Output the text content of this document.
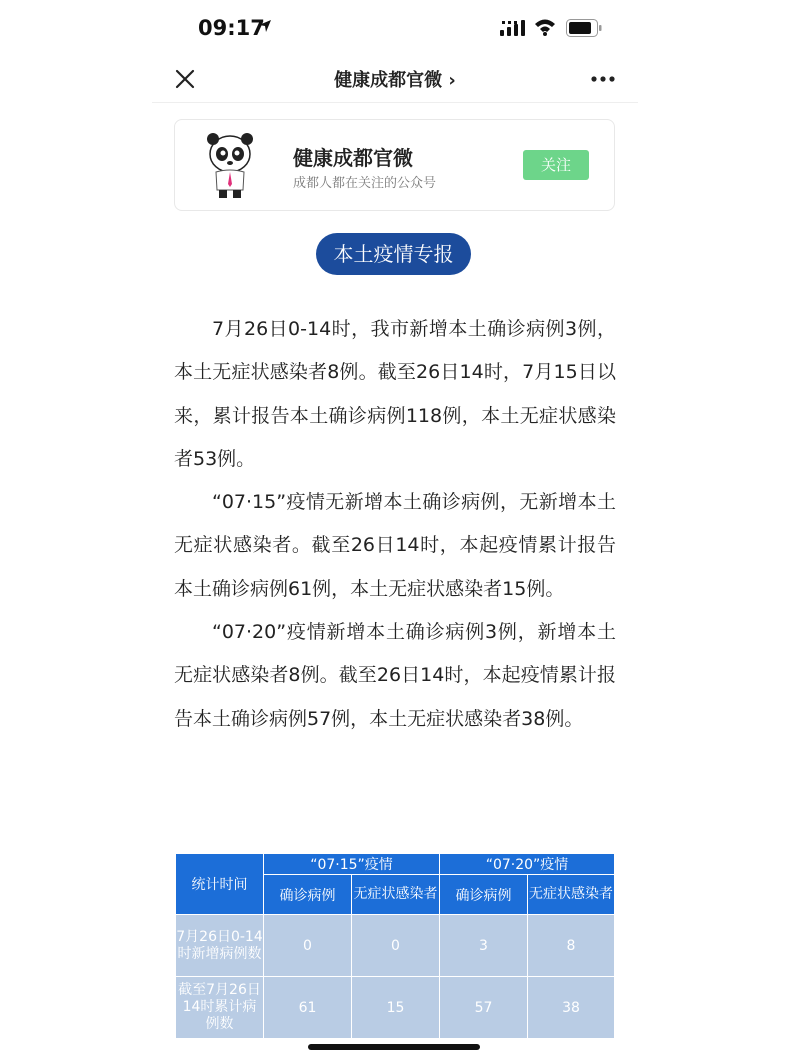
09:17
健康成都官微 ›
健康成都官微
成都人都在关注的公众号
关注
本土疫情专报

7月26日0-14时，我市新增本土确诊病例3例，本土无症状感染者8例。截至26日14时，7月15日以来，累计报告本土确诊病例118例，本土无症状感染者53例。

“07·15”疫情无新增本土确诊病例，无新增本土无症状感染者。截至26日14时，本起疫情累计报告本土确诊病例61例，本土无症状感染者15例。

“07·20”疫情新增本土确诊病例3例，新增本土无症状感染者8例。截至26日14时，本起疫情累计报告本土确诊病例57例，本土无症状感染者38例。

统计时间	“07·15”疫情		“07·20”疫情	
	确诊病例	无症状感染者	确诊病例	无症状感染者
7月26日0-14时新增病例数	0	0	3	8
截至7月26日14时累计病例数	61	15	57	38
